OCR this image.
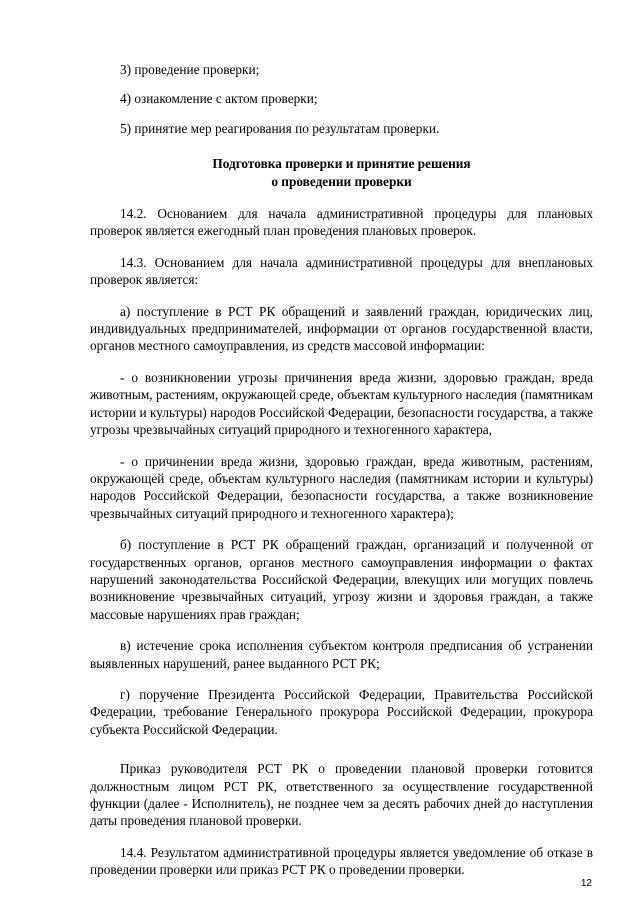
3) проведение проверки;

4) ознакомление с актом проверки;

5) принятие мер реагирования по результатам проверки.

Подготовка проверки и принятие решения
о проведении проверки

14.2. Основанием для начала административной процедуры для плановых проверок является ежегодный план проведения плановых проверок.

14.3. Основанием для начала административной процедуры для внеплановых проверок является:

а) поступление в РСТ РК обращений и заявлений граждан, юридических лиц, индивидуальных предпринимателей, информации от органов государственной власти, органов местного самоуправления, из средств массовой информации:

- о возникновении угрозы причинения вреда жизни, здоровью граждан, вреда животным, растениям, окружающей среде, объектам культурного наследия (памятникам истории и культуры) народов Российской Федерации, безопасности государства, а также угрозы чрезвычайных ситуаций природного и техногенного характера,

- о причинении вреда жизни, здоровью граждан, вреда животным, растениям, окружающей среде, объектам культурного наследия (памятникам истории и культуры) народов Российской Федерации, безопасности государства, а также возникновение чрезвычайных ситуаций природного и техногенного характера);

б) поступление в РСТ РК обращений граждан, организаций и полученной от государственных органов, органов местного самоуправления информации о фактах нарушений законодательства Российской Федерации, влекущих или могущих повлечь возникновение чрезвычайных ситуаций, угрозу жизни и здоровья граждан, а также массовые нарушениях прав граждан;

в) истечение срока исполнения субъектом контроля предписания об устранении выявленных нарушений, ранее выданного РСТ РК;

г) поручение Президента Российской Федерации, Правительства Российской Федерации, требование Генерального прокурора Российской Федерации, прокурора субъекта Российской Федерации.

Приказ руководителя РСТ РК о проведении плановой проверки готовится должностным лицом РСТ РК, ответственного за осуществление государственной функции (далее - Исполнитель), не позднее чем за десять рабочих дней до наступления даты проведения плановой проверки.

14.4. Результатом административной процедуры является уведомление об отказе в проведении проверки или приказ РСТ РК о проведении проверки.

12
